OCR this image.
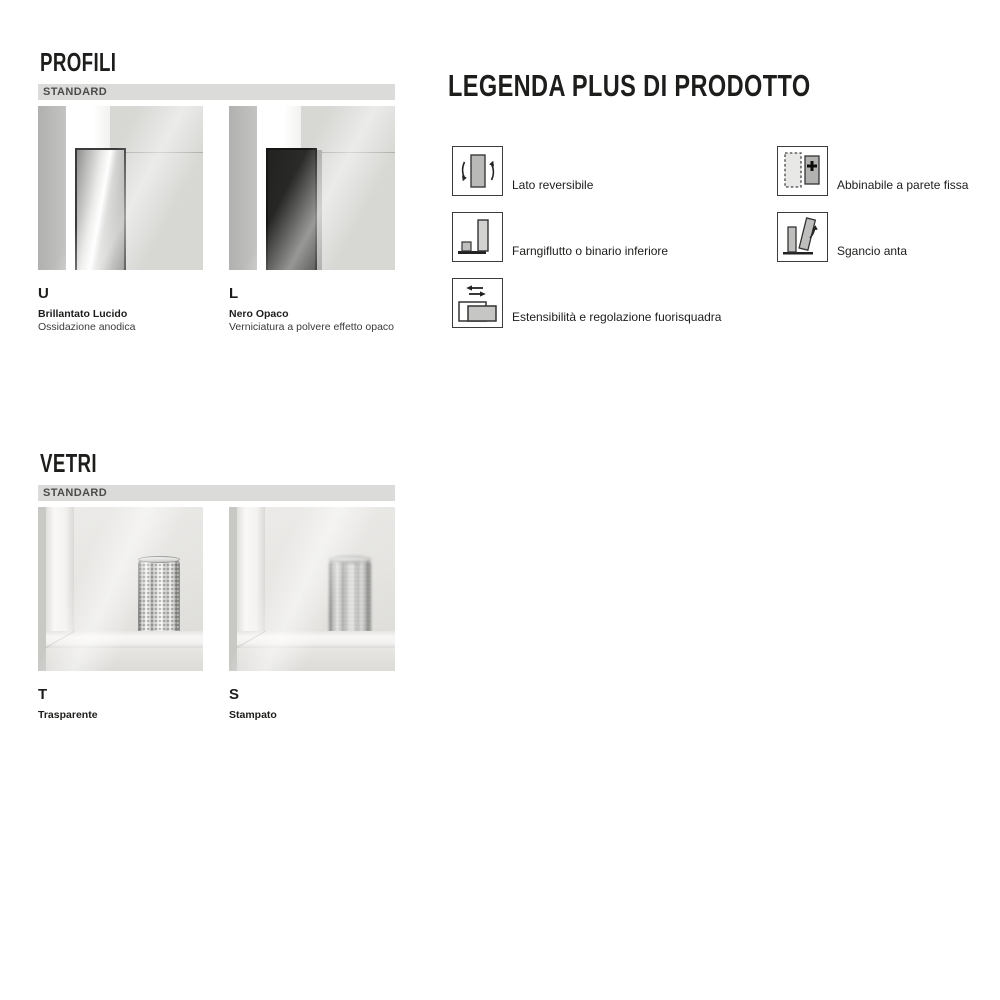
PROFILI
STANDARD
U
Brillantato Lucido
Ossidazione anodica
L
Nero Opaco
Verniciatura a polvere effetto opaco
LEGENDA PLUS DI PRODOTTO
Lato reversibile
Farngiflutto o binario inferiore
Estensibilità e regolazione fuorisquadra
Abbinabile a parete fissa
Sgancio anta
VETRI
STANDARD
T
Trasparente
S
Stampato
